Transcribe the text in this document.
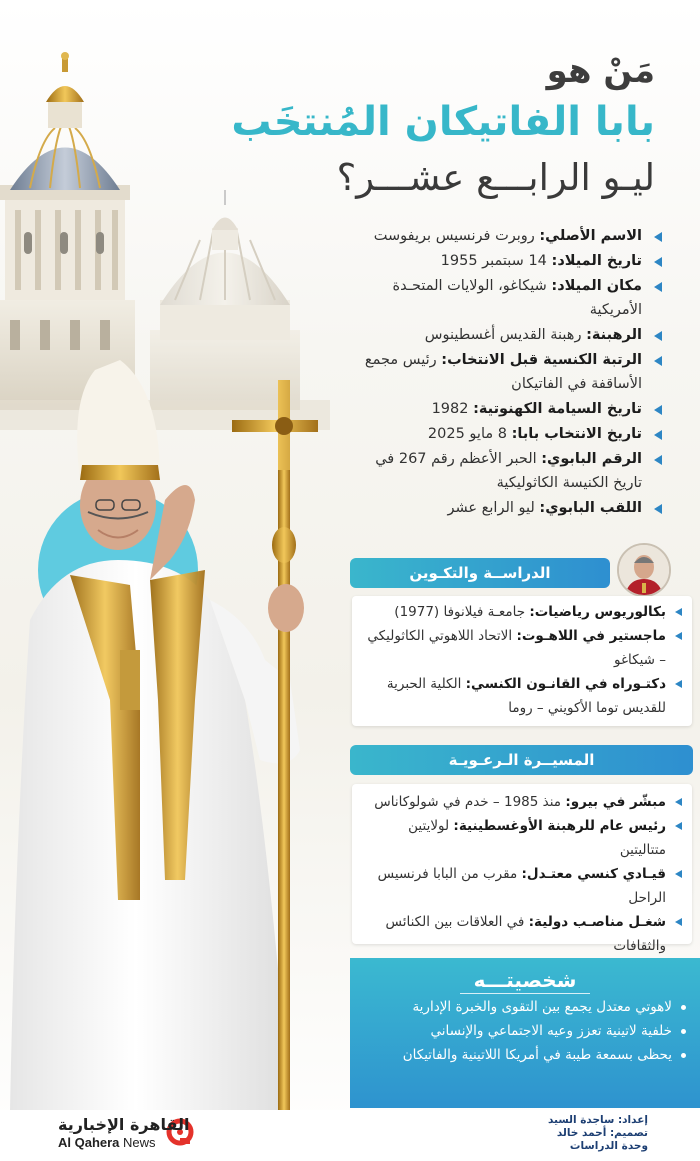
مَنْ هو
بابا الفاتيكان المُنتخَب
ليـو الرابـــع عشـــر؟
الاسم الأصلي: روبرت فرنسيس بريفوست
تاريخ الميلاد: 14 سبتمبر 1955
مكان الميلاد: شيكاغو، الولايات المتحـدة الأمريكية
الرهبنة: رهبنة القديس أغسطينوس
الرتبة الكنسية قبل الانتخاب: رئيس مجمع الأساقفة في الفاتيكان
تاريخ السيامة الكهنوتية: 1982
تاريخ الانتخاب بابا: 8 مايو 2025
الرقم البابوي: الحبر الأعظم رقم 267 في تاريخ الكنيسة الكاثوليكية
اللقب البابوي: ليو الرابع عشر
الدراســة والتكـوين
بكالوريوس رياضيات: جامعـة فيلانوفا (1977)
ماجستير في اللاهـوت: الاتحاد اللاهوتي الكاثوليكي – شيكاغو
دكتـوراه في القانـون الكنسي: الكلية الحبرية للقديس توما الأكويني – روما
المسيــرة الـرعـويـة
مبشّر في بيرو: منذ 1985 – خدم في شولوكاناس
رئيس عام للرهبنة الأوغسطينية: لولايتين متتاليتين
قيـادي كنسي معتـدل: مقرب من البابا فرنسيس الراحل
شغـل مناصـب دولية: في العلاقات بين الكنائس والثقافات
شخصيتـــه
لاهوتي معتدل يجمع بين التقوى والخبرة الإدارية
خلفية لاتينية تعزز وعيه الاجتماعي والإنساني
يحظى بسمعة طيبة في أمريكا اللاتينية والفاتيكان
القاهرة الإخبارية
Al Qahera News
إعداد: ساجدة السيد
تصميم: أحمد خالد
وحدة الدراسات
